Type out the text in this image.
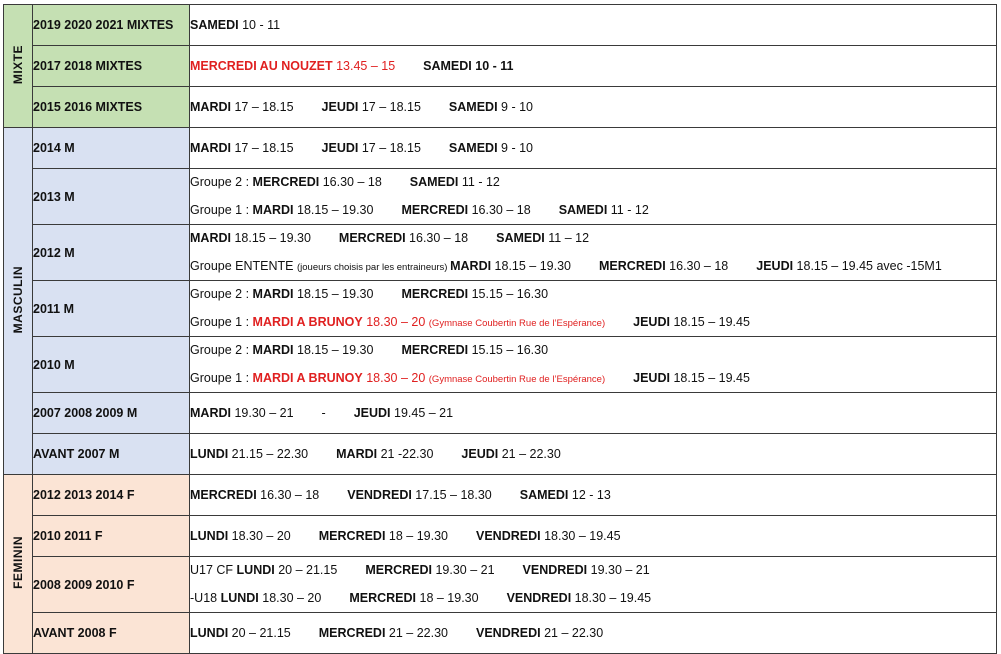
MIXTE	2019 2020 2021 MIXTES	SAMEDI 10 - 11

	2017 2018 MIXTES	MERCREDI AU NOUZET 13.45 – 15 SAMEDI 10 - 11

	2015 2016 MIXTES	MARDI 17 – 18.15 JEUDI 17 – 18.15 SAMEDI 9 - 10

MASCULIN	2014 M	MARDI 17 – 18.15 JEUDI 17 – 18.15 SAMEDI 9 - 10

	2013 M	Groupe 2 : MERCREDI 16.30 – 18 SAMEDI 11 - 12
Groupe 1 : MARDI 18.15 – 19.30 MERCREDI 16.30 – 18 SAMEDI 11 - 12

	2012 M	MARDI 18.15 – 19.30 MERCREDI 16.30 – 18 SAMEDI 11 – 12
Groupe ENTENTE (joueurs choisis par les entraineurs) MARDI 18.15 – 19.30 MERCREDI 16.30 – 18 JEUDI 18.15 – 19.45 avec -15M1

	2011 M	Groupe 2 : MARDI 18.15 – 19.30 MERCREDI 15.15 – 16.30
Groupe 1 : MARDI A BRUNOY 18.30 – 20 (Gymnase Coubertin Rue de l’Espérance) JEUDI 18.15 – 19.45

	2010 M	Groupe 2 : MARDI 18.15 – 19.30 MERCREDI 15.15 – 16.30
Groupe 1 : MARDI A BRUNOY 18.30 – 20 (Gymnase Coubertin Rue de l’Espérance) JEUDI 18.15 – 19.45

	2007 2008 2009 M	MARDI 19.30 – 21 - JEUDI 19.45 – 21

	AVANT 2007 M	LUNDI 21.15 – 22.30 MARDI 21 -22.30 JEUDI 21 – 22.30

FEMININ	2012 2013 2014 F	MERCREDI 16.30 – 18 VENDREDI 17.15 – 18.30 SAMEDI 12 - 13

	2010 2011 F	LUNDI 18.30 – 20 MERCREDI 18 – 19.30 VENDREDI 18.30 – 19.45

	2008 2009 2010 F	U17 CF LUNDI 20 – 21.15 MERCREDI 19.30 – 21 VENDREDI 19.30 – 21
-U18 LUNDI 18.30 – 20 MERCREDI 18 – 19.30 VENDREDI 18.30 – 19.45

	AVANT 2008 F	LUNDI 20 – 21.15 MERCREDI 21 – 22.30 VENDREDI 21 – 22.30
